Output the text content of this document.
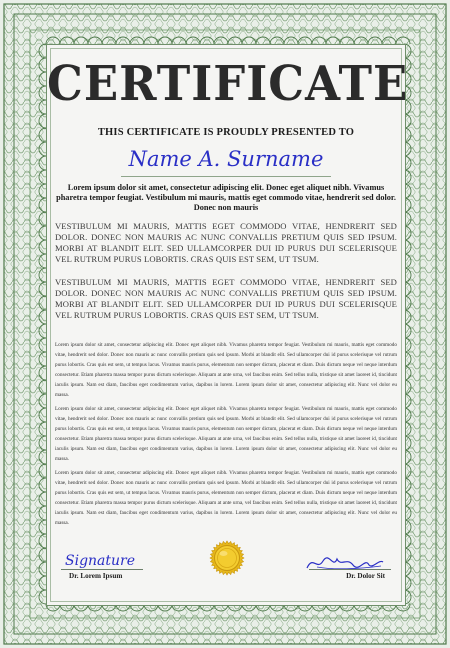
CERTIFICATE
THIS CERTIFICATE IS PROUDLY PRESENTED TO
Name A. Surname
Lorem ipsum dolor sit amet, consectetur adipiscing elit. Donec eget aliquet nibh. Vivamus pharetra tempor feugiat. Vestibulum mi mauris, mattis eget commodo vitae, hendrerit sed dolor. Donec non mauris
VESTIBULUM MI MAURIS, MATTIS EGET COMMODO VITAE, HENDRERIT SED DOLOR. DONEC NON MAURIS AC NUNC CONVALLIS PRETIUM QUIS SED IPSUM. MORBI AT BLANDIT ELIT. SED ULLAMCORPER DUI ID PURUS DUI SCELERISQUE VEL RUTRUM PURUS LOBORTIS. CRAS QUIS EST SEM, UT TSUM.
VESTIBULUM MI MAURIS, MATTIS EGET COMMODO VITAE, HENDRERIT SED DOLOR. DONEC NON MAURIS AC NUNC CONVALLIS PRETIUM QUIS SED IPSUM. MORBI AT BLANDIT ELIT. SED ULLAMCORPER DUI ID PURUS DUI SCELERISQUE VEL RUTRUM PURUS LOBORTIS. CRAS QUIS EST SEM, UT TSUM.
Lorem ipsum dolor sit amet, consectetur adipiscing elit. Donec eget aliquet nibh. Vivamus pharetra tempor feugiat. Vestibulum mi mauris, mattis eget commodo vitae, hendrerit sed dolor. Donec non mauris ac nunc convallis pretium quis sed ipsum. Morbi at blandit elit. Sed ullamcorper dui id purus scelerisque vel rutrum purus lobortis. Cras quis est sem, ut tempus lacus. Vivamus mauris purus, elementum non semper dictum, placerat et diam. Duis dictum neque vel neque interdum consectetur. Etiam pharetra massa tempor purus dictum scelerisque. Aliquam at ante urna, vel faucibus enim. Sed tellus nulla, tristique sit amet laoreet id, tincidunt iaculis ipsum. Nam est diam, faucibus eget condimentum varius, dapibus in lorem. Lorem ipsum dolor sit amet, consectetur adipiscing elit. Nunc vel dolor eu massa.
Lorem ipsum dolor sit amet, consectetur adipiscing elit. Donec eget aliquet nibh. Vivamus pharetra tempor feugiat. Vestibulum mi mauris, mattis eget commodo vitae, hendrerit sed dolor. Donec non mauris ac nunc convallis pretium quis sed ipsum. Morbi at blandit elit. Sed ullamcorper dui id purus scelerisque vel rutrum purus lobortis. Cras quis est sem, ut tempus lacus. Vivamus mauris purus, elementum non semper dictum, placerat et diam. Duis dictum neque vel neque interdum consectetur. Etiam pharetra massa tempor purus dictum scelerisque. Aliquam at ante urna, vel faucibus enim. Sed tellus nulla, tristique sit amet laoreet id, tincidunt iaculis ipsum. Nam est diam, faucibus eget condimentum varius, dapibus in lorem. Lorem ipsum dolor sit amet, consectetur adipiscing elit. Nunc vel dolor eu massa.
Lorem ipsum dolor sit amet, consectetur adipiscing elit. Donec eget aliquet nibh. Vivamus pharetra tempor feugiat. Vestibulum mi mauris, mattis eget commodo vitae, hendrerit sed dolor. Donec non mauris ac nunc convallis pretium quis sed ipsum. Morbi at blandit elit. Sed ullamcorper dui id purus scelerisque vel rutrum purus lobortis. Cras quis est sem, ut tempus lacus. Vivamus mauris purus, elementum non semper dictum, placerat et diam. Duis dictum neque vel neque interdum consectetur. Etiam pharetra massa tempor purus dictum scelerisque. Aliquam at ante urna, vel faucibus enim. Sed tellus nulla, tristique sit amet laoreet id, tincidunt iaculis ipsum. Nam est diam, faucibus eget condimentum varius, dapibus in lorem. Lorem ipsum dolor sit amet, consectetur adipiscing elit. Nunc vel dolor eu massa.
Signature
Dr. Lorem Ipsum	Dr. Dolor Sit
